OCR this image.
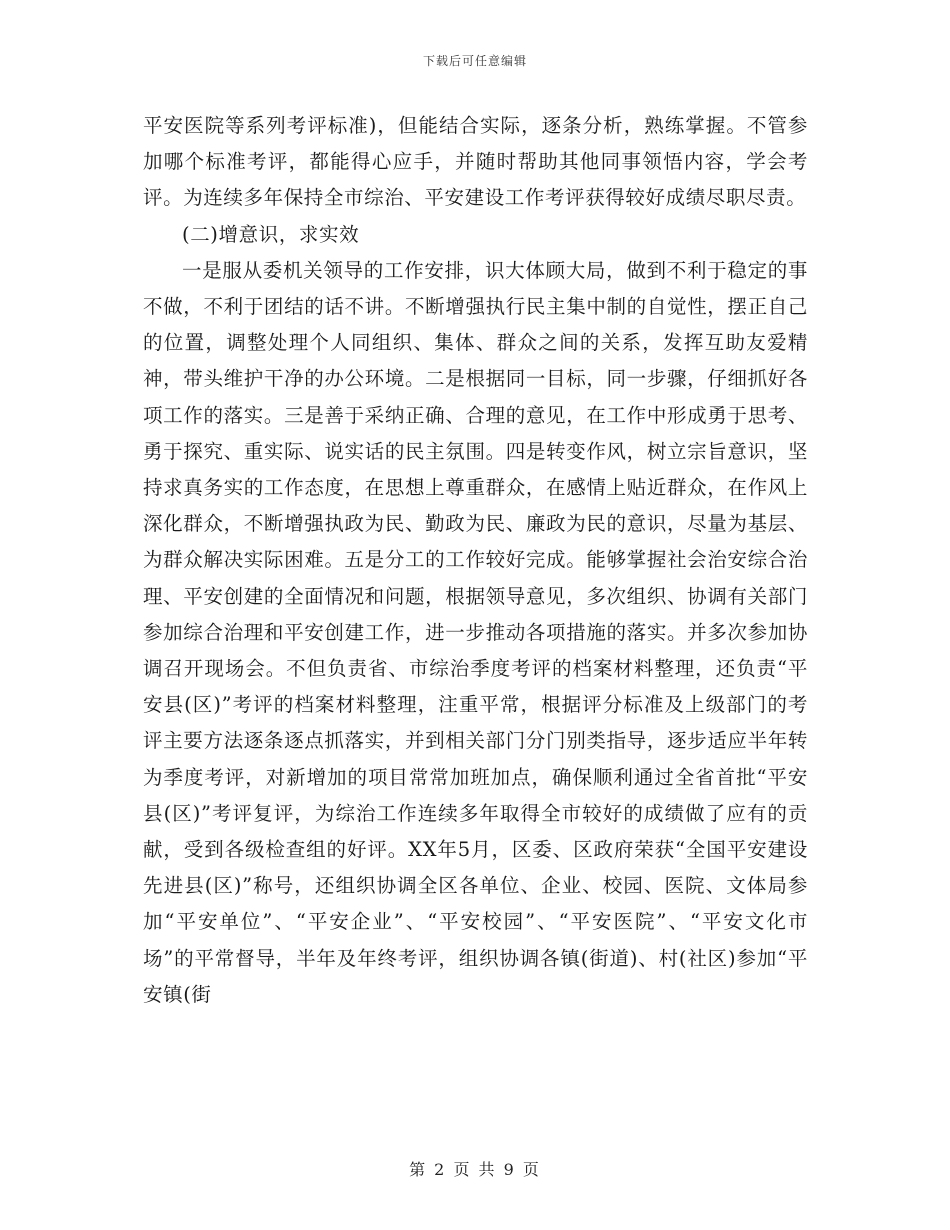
下载后可任意编辑

平安医院等系列考评标准)，但能结合实际，逐条分析，熟练掌握。不管参加哪个标准考评，都能得心应手，并随时帮助其他同事领悟内容，学会考评。为连续多年保持全市综治、平安建设工作考评获得较好成绩尽职尽责。

(二)增意识，求实效

一是服从委机关领导的工作安排，识大体顾大局，做到不利于稳定的事不做，不利于团结的话不讲。不断增强执行民主集中制的自觉性，摆正自己的位置，调整处理个人同组织、集体、群众之间的关系，发挥互助友爱精神，带头维护干净的办公环境。二是根据同一目标，同一步骤，仔细抓好各项工作的落实。三是善于采纳正确、合理的意见，在工作中形成勇于思考、勇于探究、重实际、说实话的民主氛围。四是转变作风，树立宗旨意识，坚持求真务实的工作态度，在思想上尊重群众，在感情上贴近群众，在作风上深化群众，不断增强执政为民、勤政为民、廉政为民的意识，尽量为基层、为群众解决实际困难。五是分工的工作较好完成。能够掌握社会治安综合治理、平安创建的全面情况和问题，根据领导意见，多次组织、协调有关部门参加综合治理和平安创建工作，进一步推动各项措施的落实。并多次参加协调召开现场会。不但负责省、市综治季度考评的档案材料整理，还负责“平安县(区)”考评的档案材料整理，注重平常，根据评分标准及上级部门的考评主要方法逐条逐点抓落实，并到相关部门分门别类指导，逐步适应半年转为季度考评，对新增加的项目常常加班加点，确保顺利通过全省首批“平安县(区)”考评复评，为综治工作连续多年取得全市较好的成绩做了应有的贡献，受到各级检查组的好评。XX年5月，区委、区政府荣获“全国平安建设先进县(区)”称号，还组织协调全区各单位、企业、校园、医院、文体局参加“平安单位”、“平安企业”、“平安校园”、“平安医院”、“平安文化市场”的平常督导，半年及年终考评，组织协调各镇(街道)、村(社区)参加“平安镇(街

第 2 页 共 9 页
